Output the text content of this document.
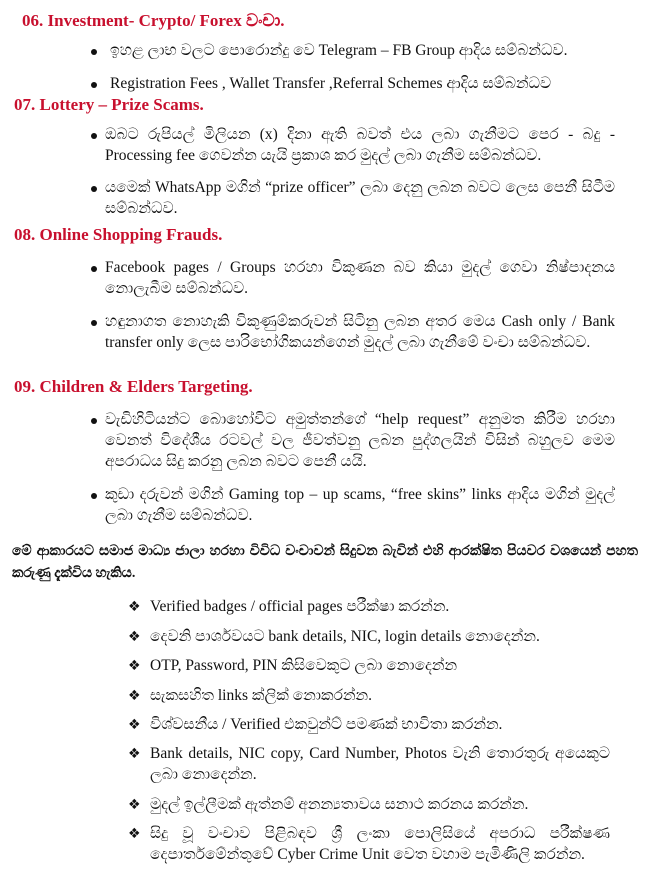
06. Investment- Crypto/ Forex වංචා.
ඉහළ ලාභ වලට පොරොන්දු වෙ Telegram – FB Group ආදිය සම්බන්ධව.
Registration Fees , Wallet Transfer ,Referral Schemes ආදිය සම්බන්ධව
07. Lottery – Prize Scams.
ඔබට රුපියල් මිලියන (x) දිනා ඇති බවත් එය ලබා ගැනීමට පෙර - බදු - Processing fee ගෙවන්න යැයි ප්‍රකාශ කර මුදල් ලබා ගැනීම සම්බන්ධව.
යමෙක් WhatsApp මගින් “prize officer” ලබා දෙනු ලබන බවට ලෙස පෙනී සිටීම සම්බන්ධව.
08. Online Shopping Frauds.
Facebook pages / Groups හරහා විකුණන බව කියා මුදල් ගෙවා නිෂ්පාදනය නොලැබීම සම්බන්ධව.
හඳුනාගත නොහැකි විකුණුම්කරුවන් සිටිනු ලබන අතර මෙය Cash only / Bank transfer only ලෙස පාරිභෝගිකයන්ගෙන් මුදල් ලබා ගැනීමේ වංචා සම්බන්ධව.
09. Children & Elders Targeting.
වැඩිහිටියන්ට බොහෝවිට අමුත්තන්ගේ “help request” අනුමත කිරීම හරහා වෙනත් විදේශීය රටවල් වල ජීවත්වනු ලබන පුද්ගලයින් විසින් බහුලව මෙම අපරාධය සිදු කරනු ලබන බවට පෙනී යයි.
කුඩා දරුවන් මගින් Gaming top – up scams, “free skins” links ආදිය මගින් මුදල් ලබා ගැනීම සම්බන්ධව.
මේ ආකාරයට සමාජ මාධ්‍ය ජාලා හරහා විවිධ වංචාවන් සිදුවන බැවින් එහි ආරක්ෂිත පියවර වශයෙන් පහත කරුණු දැක්විය හැකිය.
❖ Verified badges / official pages පරීක්ෂා කරන්න.
❖ දෙවනි පාර්ශවයට bank details, NIC, login details නොදෙන්න.
❖ OTP, Password, PIN කිසිවෙකුට ලබා නොදෙන්න
❖ සැකසහිත links ක්ලික් නොකරන්න.
❖ විශ්වසනීය / Verified එකවුන්ට් පමණක් භාවිතා කරන්න.
❖ Bank details, NIC copy, Card Number, Photos වැනි තොරතුරු අයෙකුට ලබා නොදෙන්න.
❖ මුදල් ඉල්ලීමක් ඇත්නම් අනන්‍යතාවය සනාථ කරනය කරන්න.
❖ සිදු වූ වංචාව පිළිබඳව ශ්‍රී ලංකා පොලිසියේ අපරාධ පරීක්ෂණ දෙපාර්තමේන්තුවේ Cyber Crime Unit වෙත වහාම පැමිණිලි කරන්න.
